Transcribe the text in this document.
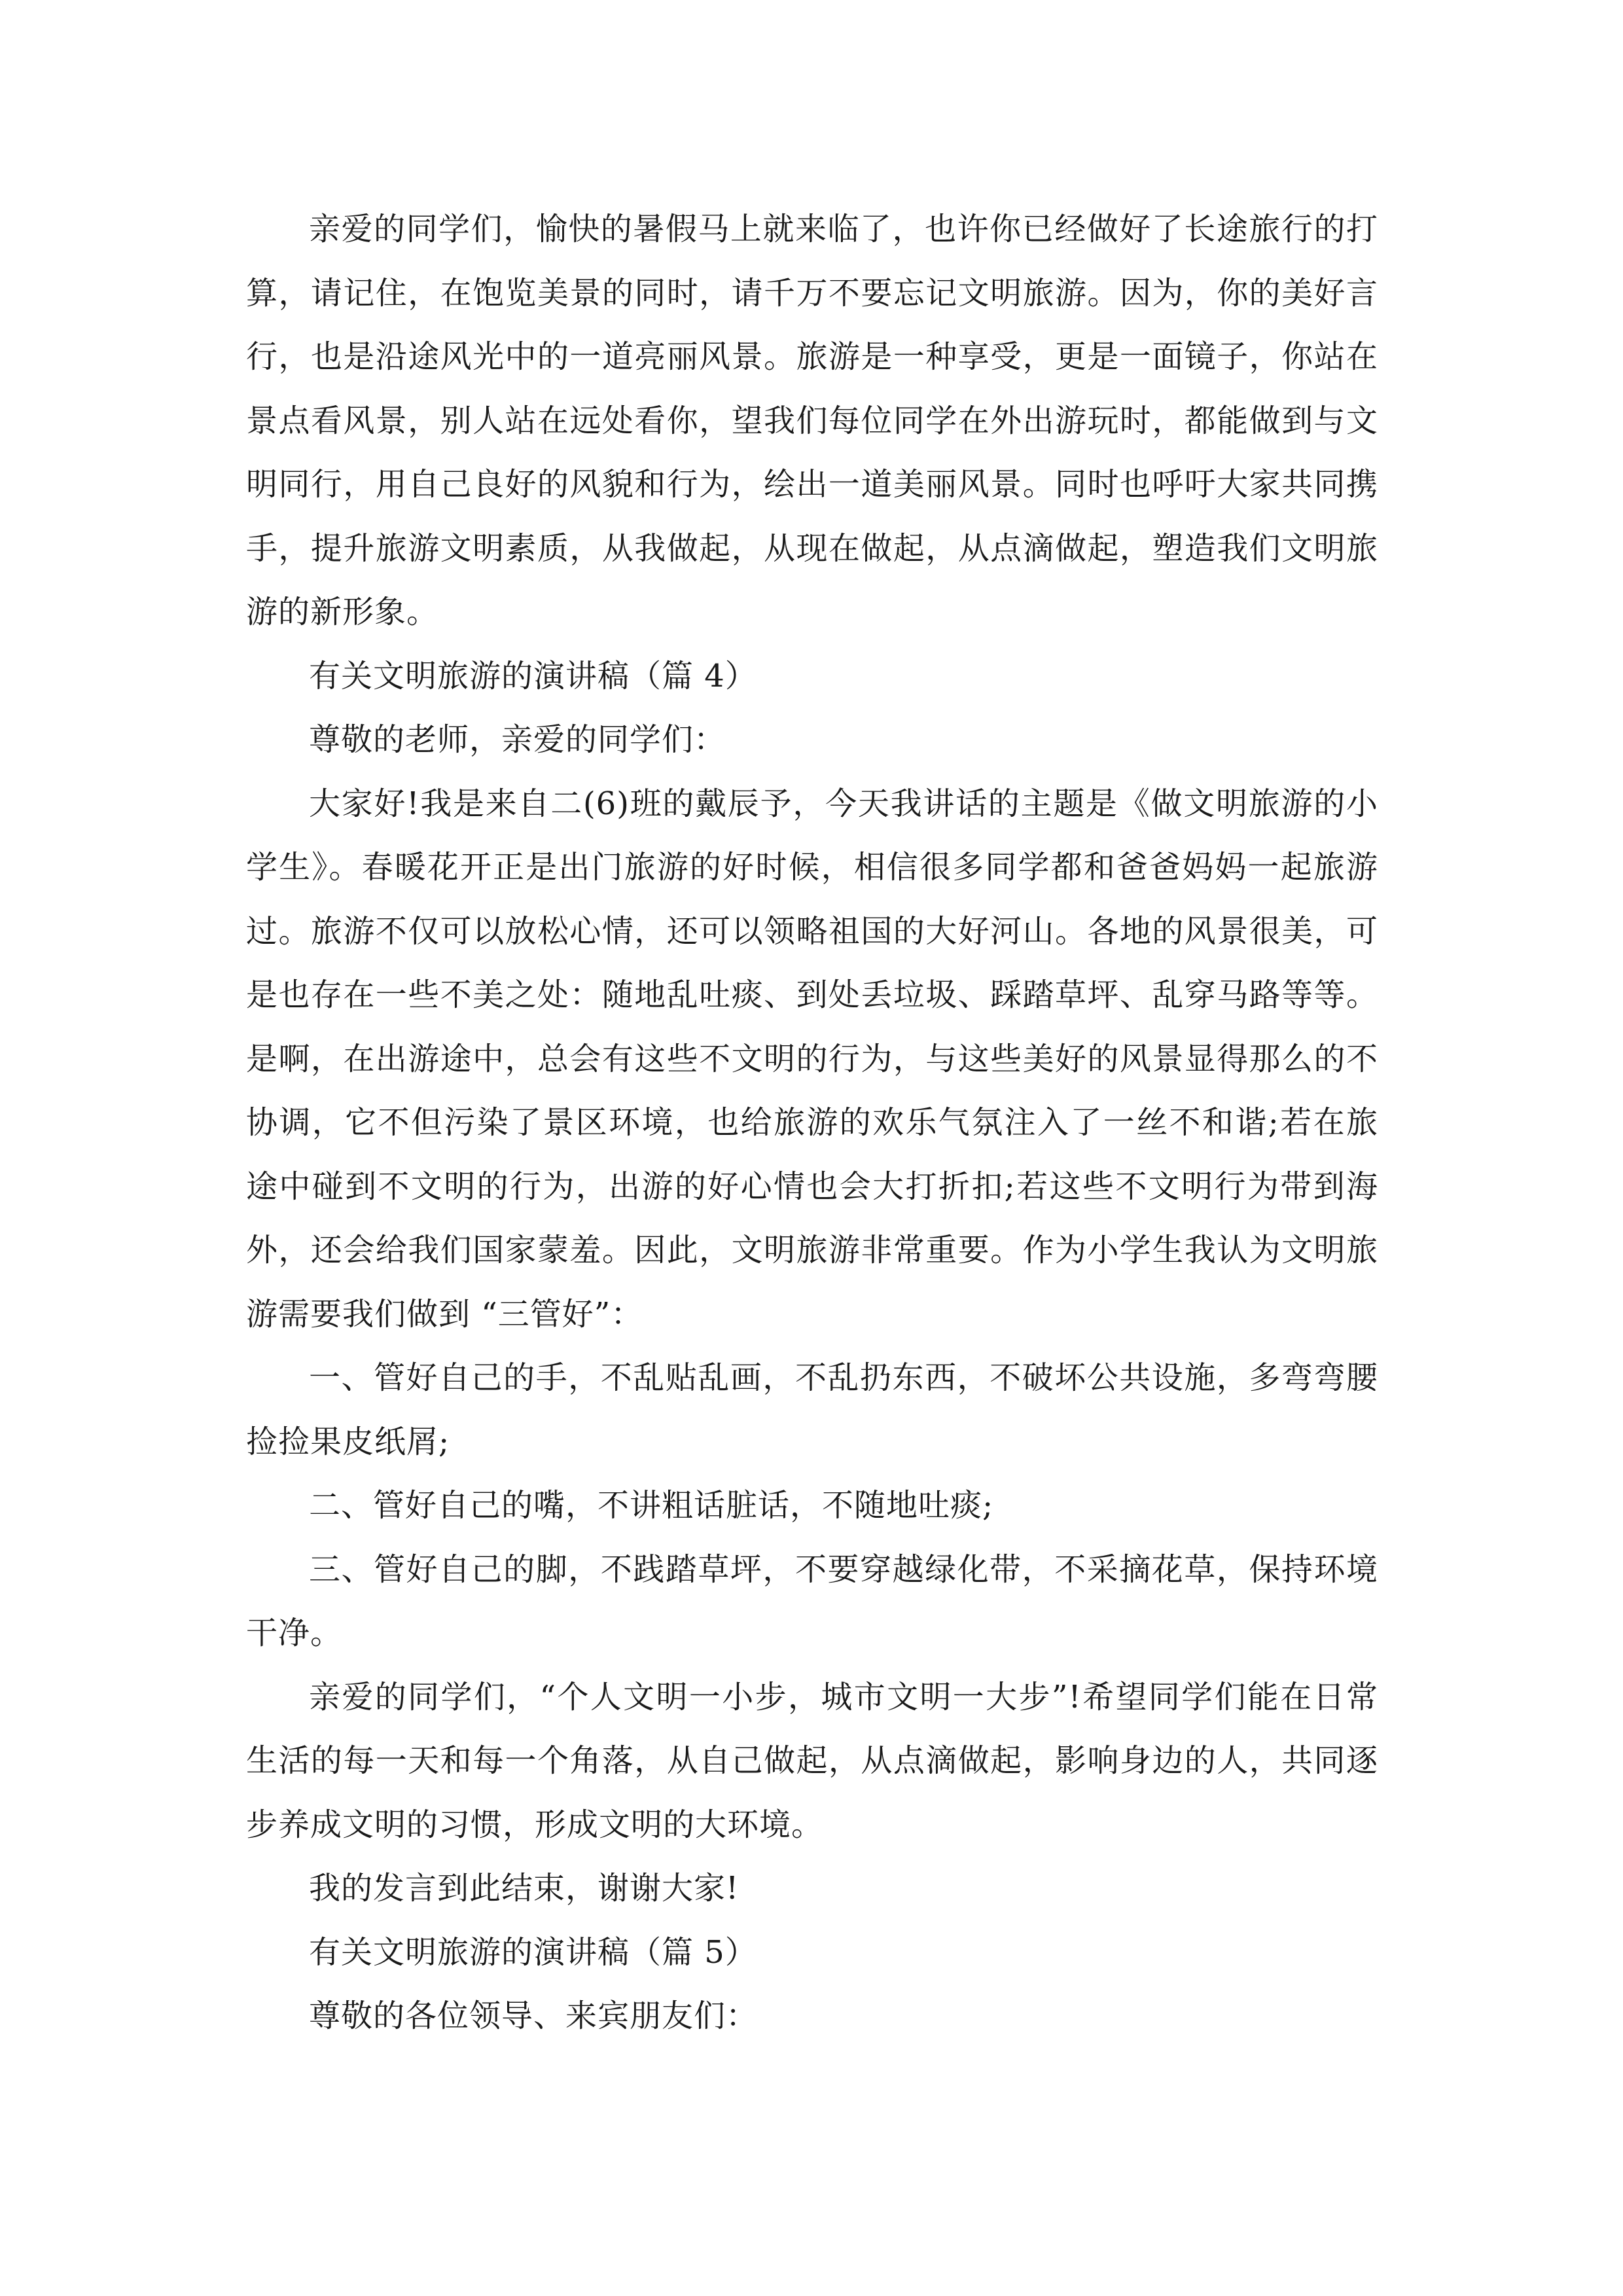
亲爱的同学们，愉快的暑假马上就来临了，也许你已经做好了长途旅行的打算，请记住，在饱览美景的同时，请千万不要忘记文明旅游。因为，你的美好言行，也是沿途风光中的一道亮丽风景。旅游是一种享受，更是一面镜子，你站在景点看风景，别人站在远处看你，望我们每位同学在外出游玩时，都能做到与文明同行，用自己良好的风貌和行为，绘出一道美丽风景。同时也呼吁大家共同携手，提升旅游文明素质，从我做起，从现在做起，从点滴做起，塑造我们文明旅游的新形象。

有关文明旅游的演讲稿（篇 4）

尊敬的老师，亲爱的同学们：

大家好!我是来自二(6)班的戴辰予，今天我讲话的主题是《做文明旅游的小学生》。春暖花开正是出门旅游的好时候，相信很多同学都和爸爸妈妈一起旅游过。旅游不仅可以放松心情，还可以领略祖国的大好河山。各地的风景很美，可是也存在一些不美之处：随地乱吐痰、到处丢垃圾、踩踏草坪、乱穿马路等等。是啊，在出游途中，总会有这些不文明的行为，与这些美好的风景显得那么的不协调，它不但污染了景区环境，也给旅游的欢乐气氛注入了一丝不和谐;若在旅途中碰到不文明的行为，出游的好心情也会大打折扣;若这些不文明行为带到海外，还会给我们国家蒙羞。因此，文明旅游非常重要。作为小学生我认为文明旅游需要我们做到 “三管好”：

一、管好自己的手，不乱贴乱画，不乱扔东西，不破坏公共设施，多弯弯腰捡捡果皮纸屑;

二、管好自己的嘴，不讲粗话脏话，不随地吐痰;

三、管好自己的脚，不践踏草坪，不要穿越绿化带，不采摘花草，保持环境干净。

亲爱的同学们，“个人文明一小步，城市文明一大步”!希望同学们能在日常生活的每一天和每一个角落，从自己做起，从点滴做起，影响身边的人，共同逐步养成文明的习惯，形成文明的大环境。

我的发言到此结束，谢谢大家!

有关文明旅游的演讲稿（篇 5）

尊敬的各位领导、来宾朋友们：
